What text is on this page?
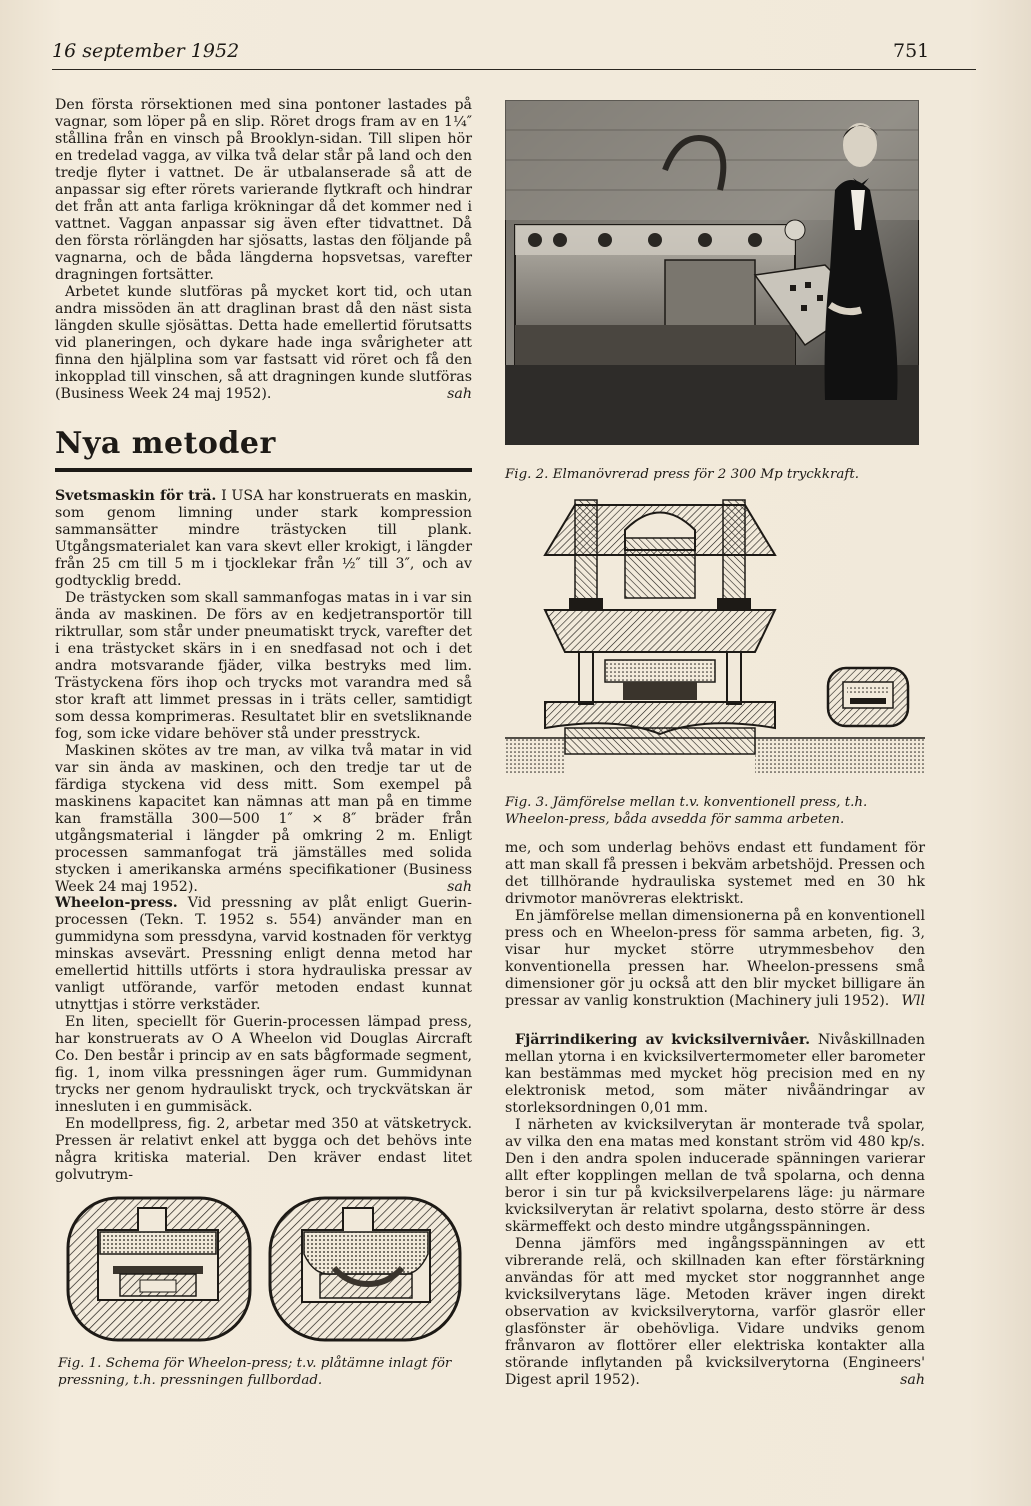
16 september 1952	751

Den första rörsektionen med sina pontoner lastades på vagnar, som löper på en slip. Röret drogs fram av en 1¼″ stållina från en vinsch på Brooklyn-sidan. Till slipen hör en tredelad vagga, av vilka två delar står på land och den tredje flyter i vattnet. De är utbalanserade så att de anpassar sig efter rörets varierande flytkraft och hindrar det från att anta farliga krökningar då det kommer ned i vattnet. Vaggan anpassar sig även efter tidvattnet. Då den första rörlängden har sjösatts, lastas den följande på vagnarna, och de båda längderna hopsvetsas, varefter dragningen fortsätter.

Arbetet kunde slutföras på mycket kort tid, och utan andra missöden än att draglinan brast då den näst sista längden skulle sjösättas. Detta hade emellertid förutsatts vid planeringen, och dykare hade inga svårigheter att finna den hjälplina som var fastsatt vid röret och få den inkopplad till vinschen, så att dragningen kunde slutföras (Business Week 24 maj 1952).	sah

Nya metoder

Svetsmaskin för trä. I USA har konstruerats en maskin, som genom limning under stark kompression sammansätter mindre trästycken till plank. Utgångsmaterialet kan vara skevt eller krokigt, i längder från 25 cm till 5 m i tjocklekar från ½″ till 3″, och av godtycklig bredd.

De trästycken som skall sammanfogas matas in i var sin ända av maskinen. De förs av en kedjetransportör till riktrullar, som står under pneumatiskt tryck, varefter det i ena trästycket skärs in i en snedfasad not och i det andra motsvarande fjäder, vilka bestryks med lim. Trästyckena förs ihop och trycks mot varandra med så stor kraft att limmet pressas in i träts celler, samtidigt som dessa komprimeras. Resultatet blir en svetsliknande fog, som icke vidare behöver stå under presstryck.

Maskinen skötes av tre man, av vilka två matar in vid var sin ända av maskinen, och den tredje tar ut de färdiga styckena vid dess mitt. Som exempel på maskinens kapacitet kan nämnas att man på en timme kan framställa 300—500 1″ × 8″ bräder från utgångsmaterial i längder på omkring 2 m. Enligt processen sammanfogat trä jämställes med solida stycken i amerikanska arméns specifikationer (Business Week 24 maj 1952).	sah

Wheelon-press. Vid pressning av plåt enligt Guerin-processen (Tekn. T. 1952 s. 554) använder man en gummidyna som pressdyna, varvid kostnaden för verktyg minskas avsevärt. Pressning enligt denna metod har emellertid hittills utförts i stora hydrauliska pressar av vanligt utförande, varför metoden endast kunnat utnyttjas i större verkstäder.

En liten, speciellt för Guerin-processen lämpad press, har konstruerats av O A Wheelon vid Douglas Aircraft Co. Den består i princip av en sats bågformade segment, fig. 1, inom vilka pressningen äger rum. Gummidynan trycks ner genom hydrauliskt tryck, och tryckvätskan är innesluten i en gummisäck.

En modellpress, fig. 2, arbetar med 350 at vätsketryck. Pressen är relativt enkel att bygga och det behövs inte några kritiska material. Den kräver endast litet golvutrym-

Fig. 1. Schema för Wheelon-press; t.v. plåtämne inlagt för pressning, t.h. pressningen fullbordad.
Fig. 2. Elmanövrerad press för 2 300 Mp tryckkraft.
Fig. 3. Jämförelse mellan t.v. konventionell press, t.h. Wheelon-press, båda avsedda för samma arbeten.

me, och som underlag behövs endast ett fundament för att man skall få pressen i bekväm arbetshöjd. Pressen och det tillhörande hydrauliska systemet med en 30 hk drivmotor manövreras elektriskt.

En jämförelse mellan dimensionerna på en konventionell press och en Wheelon-press för samma arbeten, fig. 3, visar hur mycket större utrymmesbehov den konventionella pressen har. Wheelon-pressens små dimensioner gör ju också att den blir mycket billigare än pressar av vanlig konstruktion (Machinery juli 1952). Wll

Fjärrindikering av kvicksilvernivåer. Nivåskillnaden mellan ytorna i en kvicksilvertermometer eller barometer kan bestämmas med mycket hög precision med en ny elektronisk metod, som mäter nivåändringar av storleksordningen 0,01 mm.

I närheten av kvicksilverytan är monterade två spolar, av vilka den ena matas med konstant ström vid 480 kp/s. Den i den andra spolen inducerade spänningen varierar allt efter kopplingen mellan de två spolarna, och denna beror i sin tur på kvicksilverpelarens läge: ju närmare kvicksilverytan är relativt spolarna, desto större är dess skärmeffekt och desto mindre utgångsspänningen.

Denna jämförs med ingångsspänningen av ett vibrerande relä, och skillnaden kan efter förstärkning användas för att med mycket stor noggrannhet ange kvicksilverytans läge. Metoden kräver ingen direkt observation av kvicksilverytorna, varför glasrör eller glasfönster är obehövliga. Vidare undviks genom frånvaron av flottörer eller elektriska kontakter alla störande inflytanden på kvicksilverytorna (Engineers' Digest april 1952).	sah
